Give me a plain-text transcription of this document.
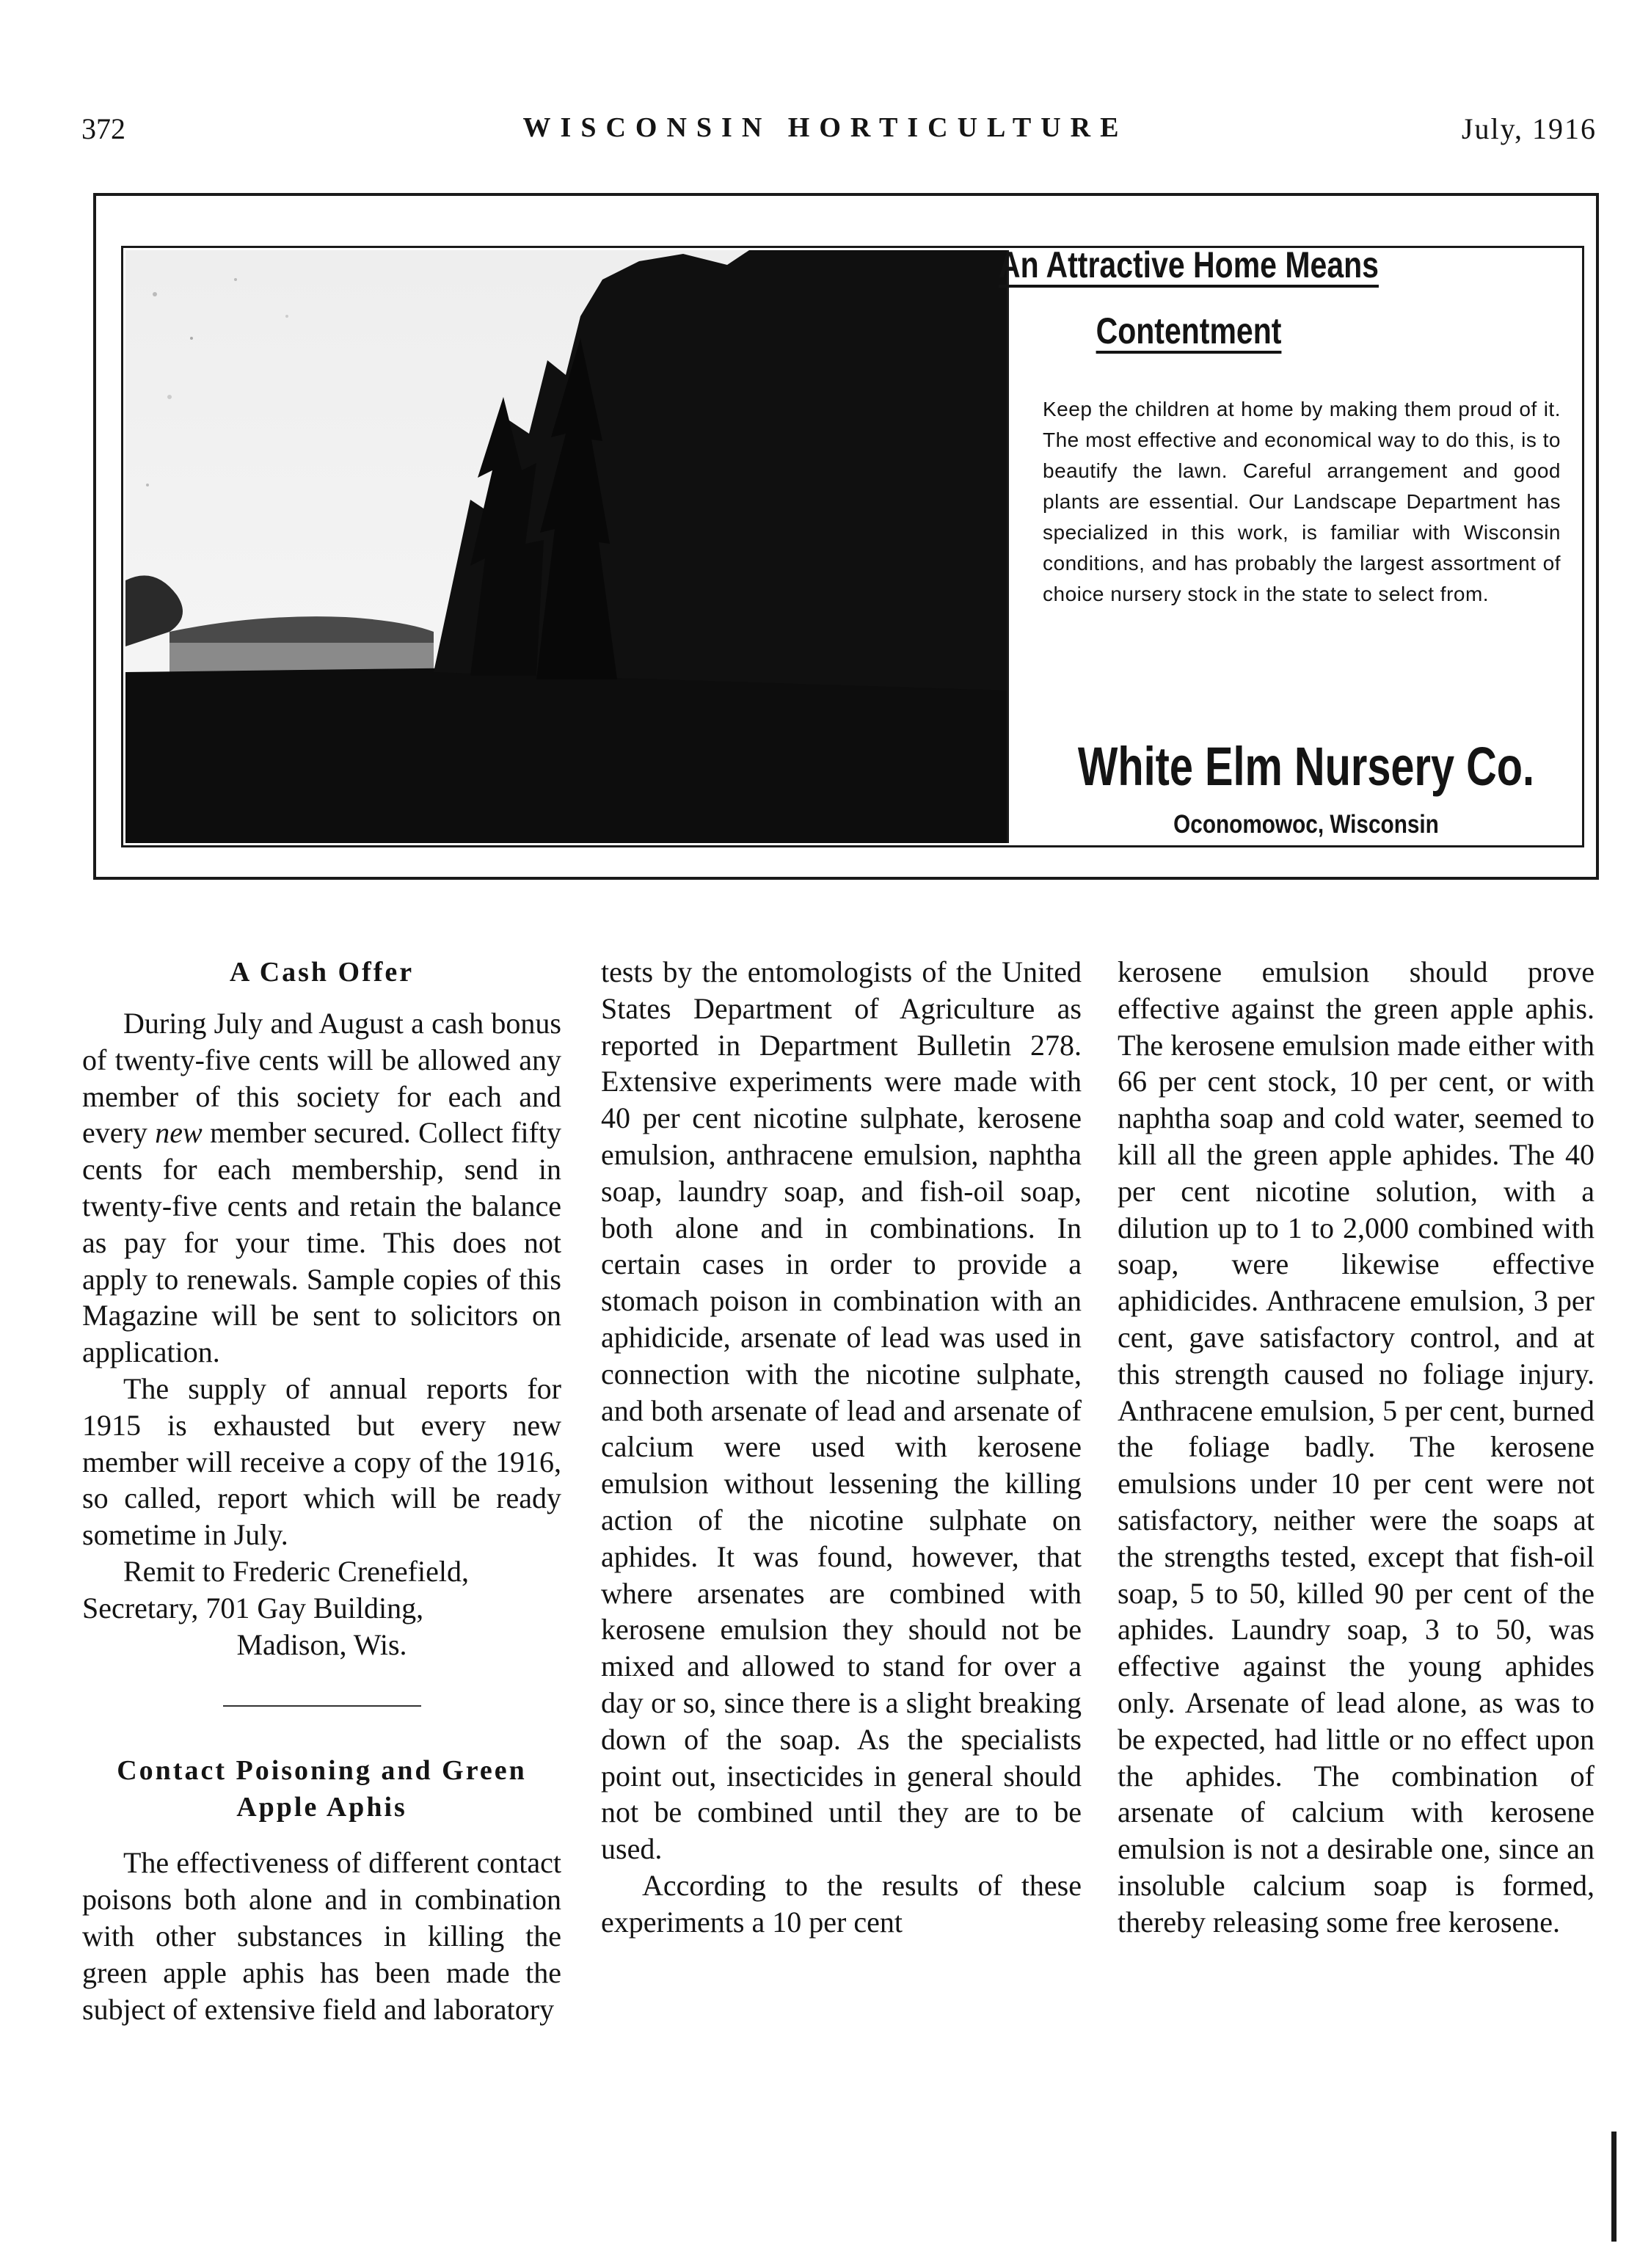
372	WISCONSIN HORTICULTURE	July, 1916
An Attractive Home Means
Contentment
Keep the children at home by making them proud of it. The most effective and economical way to do this, is to beautify the lawn. Careful arrangement and good plants are essential. Our Landscape Department has specialized in this work, is familiar with Wisconsin conditions, and has probably the largest assortment of choice nursery stock in the state to select from.
White Elm Nursery Co.
Oconomowoc, Wisconsin
A Cash Offer

During July and August a cash bonus of twenty-five cents will be allowed any member of this society for each and every new member secured. Collect fifty cents for each membership, send in twenty-five cents and retain the balance as pay for your time. This does not apply to renewals. Sample copies of this Magazine will be sent to solicitors on application.

The supply of annual reports for 1915 is exhausted but every new member will receive a copy of the 1916, so called, report which will be ready sometime in July.

Remit to Frederic Crenefield,

Secretary, 701 Gay Building,

Madison, Wis.
Contact Poisoning and Green
Apple Aphis

The effectiveness of different contact poisons both alone and in combination with other substances in killing the green apple aphis has been made the subject of extensive field and laboratory

tests by the entomologists of the United States Department of Agriculture as reported in Department Bulletin 278. Extensive experiments were made with 40 per cent nicotine sulphate, kerosene emulsion, anthracene emulsion, naphtha soap, laundry soap, and fish-oil soap, both alone and in combinations. In certain cases in order to provide a stomach poison in combination with an aphidicide, arsenate of lead was used in connection with the nicotine sulphate, and both arsenate of lead and arsenate of calcium were used with kerosene emulsion without lessening the killing action of the nicotine sulphate on aphides. It was found, however, that where arsenates are combined with kerosene emulsion they should not be mixed and allowed to stand for over a day or so, since there is a slight breaking down of the soap. As the specialists point out, insecticides in general should not be combined until they are to be used.

According to the results of these experiments a 10 per cent

kerosene emulsion should prove effective against the green apple aphis. The kerosene emulsion made either with 66 per cent stock, 10 per cent, or with naphtha soap and cold water, seemed to kill all the green apple aphides. The 40 per cent nicotine solution, with a dilution up to 1 to 2,000 combined with soap, were likewise effective aphidicides. Anthracene emulsion, 3 per cent, gave satisfactory control, and at this strength caused no foliage injury. Anthracene emulsion, 5 per cent, burned the foliage badly. The kerosene emulsions under 10 per cent were not satisfactory, neither were the soaps at the strengths tested, except that fish-oil soap, 5 to 50, killed 90 per cent of the aphides. Laundry soap, 3 to 50, was effective against the young aphides only. Arsenate of lead alone, as was to be expected, had little or no effect upon the aphides. The combination of arsenate of calcium with kerosene emulsion is not a desirable one, since an insoluble calcium soap is formed, thereby releasing some free kerosene.
